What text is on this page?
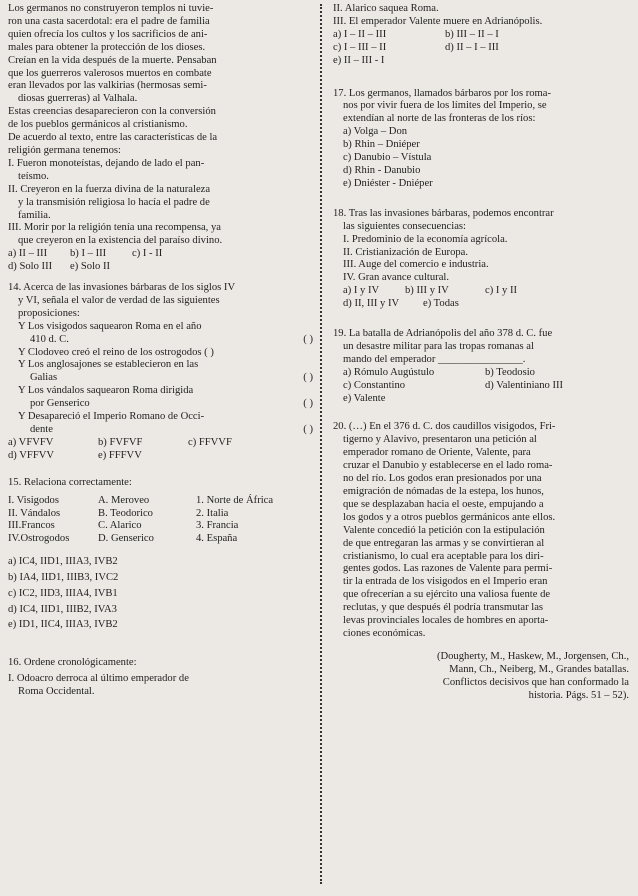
Los germanos no construyeron templos ni tuvie-

ron una casta sacerdotal: era el padre de familia

quien ofrecía los cultos y los sacrificios de ani-

males para obtener la protección de los dioses.

Creían en la vida después de la muerte. Pensaban

que los guerreros valerosos muertos en combate

eran llevados por las valkirias (hermosas semi-

diosas guerreras) al Valhala.

Estas creencias desaparecieron con la conversión

de los pueblos germánicos al cristianismo.

De acuerdo al texto, entre las características de la

religión germana tenemos:

I. Fueron monoteístas, dejando de lado el pan-

teísmo.

II. Creyeron en la fuerza divina de la naturaleza

y la transmisión religiosa lo hacía el padre de

familia.

III. Morir por la religión tenía una recompensa, ya

que creyeron en la existencia del paraíso divino.

a) II – III	b) I – III	c) I - II
d) Solo III	e) Solo II

14. Acerca de las invasiones bárbaras de los siglos IV

y VI, señala el valor de verdad de las siguientes

proposiciones:

Y Los visigodos saquearon Roma en el año

410 d. C.	( )

Y Clodoveo creó el reino de los ostrogodos ( )

Y Los anglosajones se establecieron en las

Galias	( )

Y Los vándalos saquearon Roma dirigida

por Genserico	( )

Y Desapareció el Imperio Romano de Occi-

dente	( )
a) VFVFV	b) FVFVF	c) FFVVF
d) VFFVV	e) FFFVV

15. Relaciona correctamente:

I. Visigodos	A. Meroveo	1. Norte de África
II. Vándalos	B. Teodorico	2. Italia
III.Francos	C. Alarico	3. Francia
IV.Ostrogodos	D. Genserico	4. España

a) IC4, IID1, IIIA3, IVB2

b) IA4, IID1, IIIB3, IVC2

c) IC2, IID3, IIIA4, IVB1

d) IC4, IID1, IIIB2, IVA3

e) ID1, IIC4, IIIA3, IVB2

16. Ordene cronológicamente:

I. Odoacro derroca al último emperador de

Roma Occidental.

II. Alarico saquea Roma.

III. El emperador Valente muere en Adrianópolis.

a) I – II – III	b) III – II – I
c) I – III – II	d) II – I – III
e) II – III - I

17. Los germanos, llamados bárbaros por los roma-

nos por vivir fuera de los límites del Imperio, se

extendían al norte de las fronteras de los ríos:

a) Volga – Don

b) Rhin – Dniéper

c) Danubio – Vístula

d) Rhin - Danubio

e) Dniéster - Dniéper

18. Tras las invasiones bárbaras, podemos encontrar

las siguientes consecuencias:

I. Predominio de la economía agrícola.

II. Cristianización de Europa.

III. Auge del comercio e industria.

IV. Gran avance cultural.

a) I y IV	b) III y IV	c) I y II
d) II, III y IV	e) Todas

19. La batalla de Adrianópolis del año 378 d. C. fue

un desastre militar para las tropas romanas al

mando del emperador ________________.

a) Rómulo Augústulo	b) Teodosio
c) Constantino	d) Valentiniano III
e) Valente

20. (…) En el 376 d. C. dos caudillos visigodos, Fri-

tigerno y Alavivo, presentaron una petición al

emperador romano de Oriente, Valente, para

cruzar el Danubio y establecerse en el lado roma-

no del río. Los godos eran presionados por una

emigración de nómadas de la estepa, los hunos,

que se desplazaban hacia el oeste, empujando a

los godos y a otros pueblos germánicos ante ellos.

Valente concedió la petición con la estipulación

de que entregaran las armas y se convirtieran al

cristianismo, lo cual era aceptable para los diri-

gentes godos. Las razones de Valente para permi-

tir la entrada de los visigodos en el Imperio eran

que ofrecerían a su ejército una valiosa fuente de

reclutas, y que después él podría transmutar las

levas provinciales locales de hombres en aporta-

ciones económicas.

(Dougherty, M., Haskew, M., Jorgensen, Ch.,

Mann, Ch., Neiberg, M., Grandes batallas.

Conflictos decisivos que han conformado la

historia. Págs. 51 – 52).
